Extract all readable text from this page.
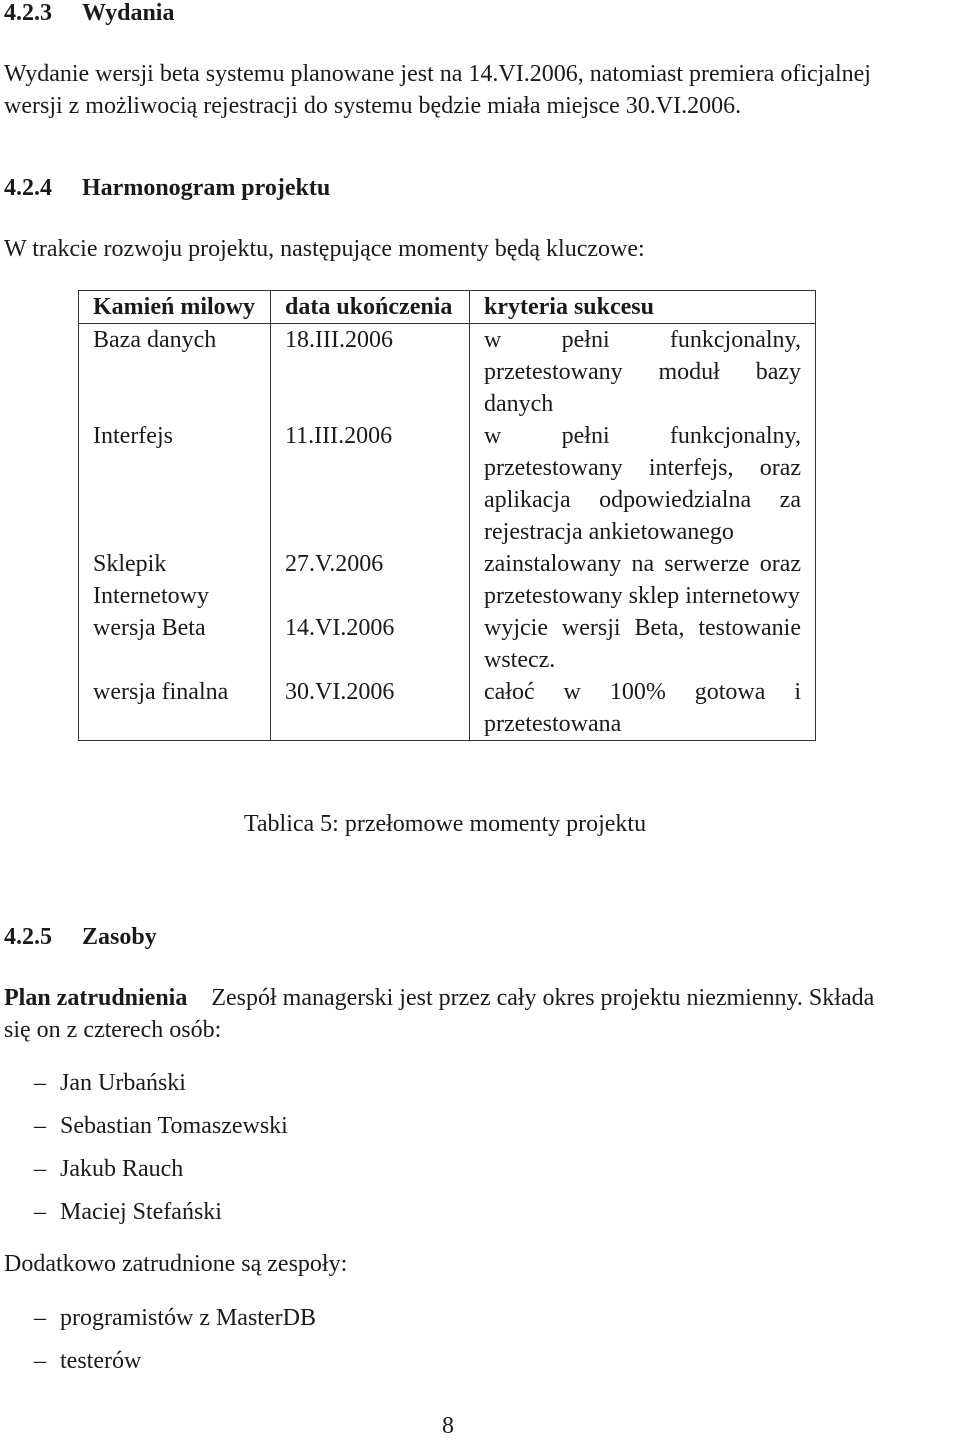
4.2.3 Wydania

Wydanie wersji beta systemu planowane jest na 14.VI.2006, natomiast premiera oficjalnej

wersji z możliwocią rejestracji do systemu będzie miała miejsce 30.VI.2006.

4.2.4 Harmonogram projektu

W trakcie rozwoju projektu, następujące momenty będą kluczowe:

Kamień milowy	data ukończenia	kryteria sukcesu
Baza danych	18.III.2006	w pełni funkcjonalny, przetestowany moduł bazy danych
Interfejs	11.III.2006	w pełni funkcjonalny, przetestowany interfejs, oraz aplikacja odpowiedzialna za rejestracja ankietowanego
Sklepik Internetowy	27.V.2006	zainstalowany na serwerze oraz przetestowany sklep internetowy
wersja Beta	14.VI.2006	wyjcie wersji Beta, testowanie wstecz.
wersja finalna	30.VI.2006	całoć w 100% gotowa i przetestowana
Tablica 5: przełomowe momenty projektu
4.2.5 Zasoby

Plan zatrudnienia Zespół managerski jest przez cały okres projektu niezmienny. Składa

się on z czterech osób:

– Jan Urbański
– Sebastian Tomaszewski
– Jakub Rauch
– Maciej Stefański

Dodatkowo zatrudnione są zespoły:

– programistów z MasterDB
– testerów
8
